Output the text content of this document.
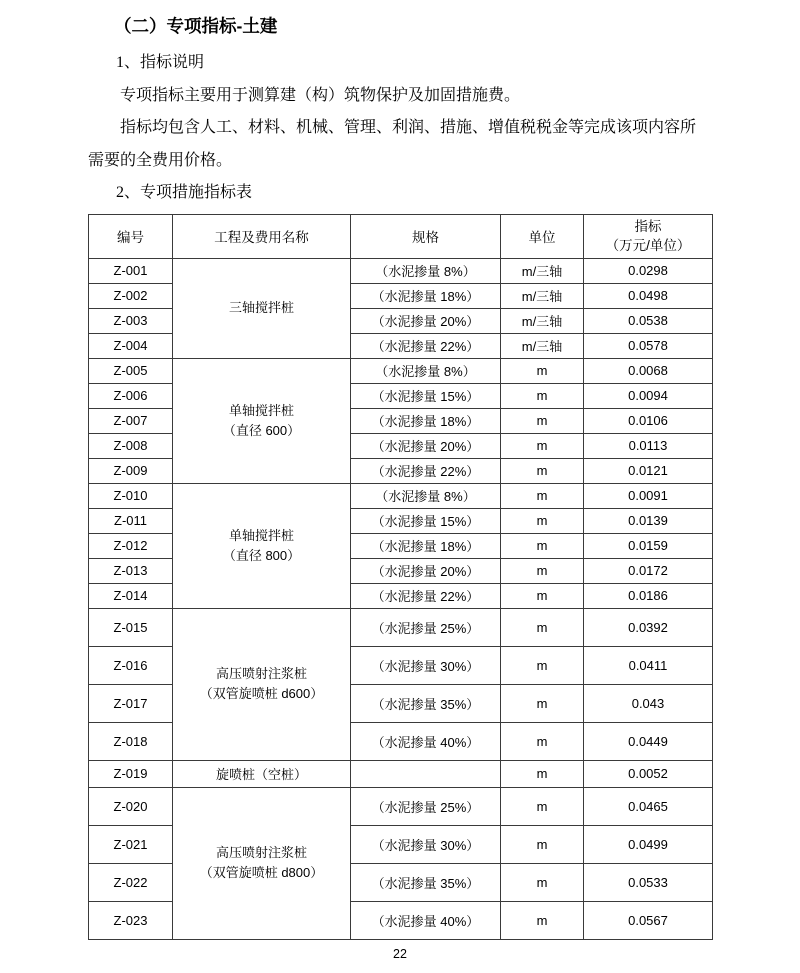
（二）专项指标-土建
1、指标说明
专项指标主要用于测算建（构）筑物保护及加固措施费。
指标均包含人工、材料、机械、管理、利润、措施、增值税税金等完成该项内容所
需要的全费用价格。
2、专项措施指标表
编号	工程及费用名称	规格	单位	指标
（万元/单位）

Z-001	三轴搅拌桩	（水泥掺量 8%）	m/三轴	0.0298
Z-002		（水泥掺量 18%）	m/三轴	0.0498
Z-003		（水泥掺量 20%）	m/三轴	0.0538
Z-004		（水泥掺量 22%）	m/三轴	0.0578
Z-005	单轴搅拌桩
（直径 600）	（水泥掺量 8%）	m	0.0068
Z-006		（水泥掺量 15%）	m	0.0094
Z-007		（水泥掺量 18%）	m	0.0106
Z-008		（水泥掺量 20%）	m	0.0113
Z-009		（水泥掺量 22%）	m	0.0121
Z-010	单轴搅拌桩
（直径 800）	（水泥掺量 8%）	m	0.0091
Z-011		（水泥掺量 15%）	m	0.0139
Z-012		（水泥掺量 18%）	m	0.0159
Z-013		（水泥掺量 20%）	m	0.0172
Z-014		（水泥掺量 22%）	m	0.0186
Z-015	高压喷射注浆桩
（双管旋喷桩 d600）	（水泥掺量 25%）	m	0.0392
Z-016		（水泥掺量 30%）	m	0.0411
Z-017		（水泥掺量 35%）	m	0.043
Z-018		（水泥掺量 40%）	m	0.0449
Z-019	旋喷桩（空桩）		m	0.0052
Z-020	高压喷射注浆桩
（双管旋喷桩 d800）	（水泥掺量 25%）	m	0.0465
Z-021		（水泥掺量 30%）	m	0.0499
Z-022		（水泥掺量 35%）	m	0.0533
Z-023		（水泥掺量 40%）	m	0.0567
22
